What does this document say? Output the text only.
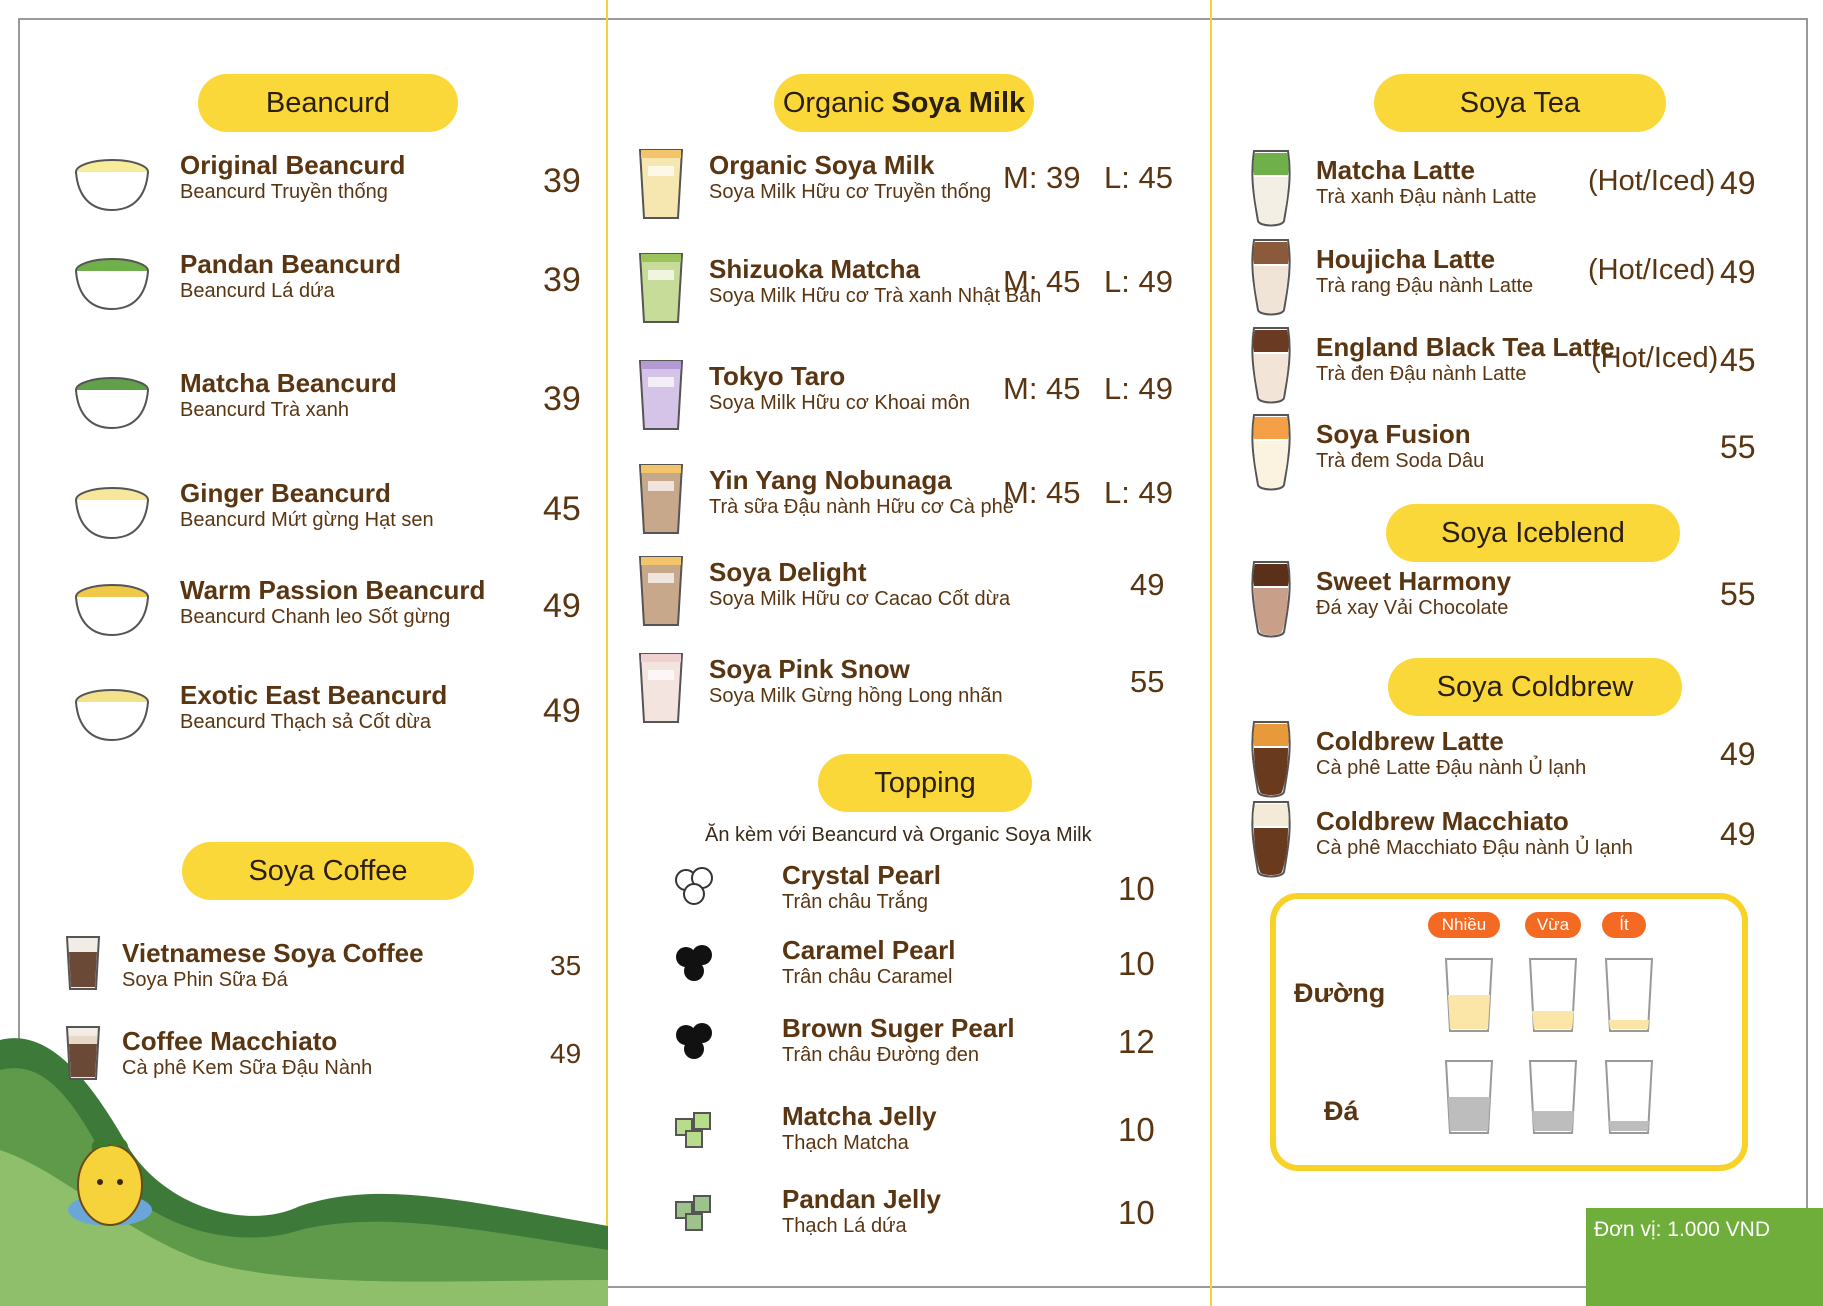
Beancurd
Original Beancurd
Beancurd Truyền thống	39
Pandan Beancurd
Beancurd Lá dứa	39
Matcha Beancurd
Beancurd Trà xanh	39
Ginger Beancurd
Beancurd Mứt gừng Hạt sen	45
Warm Passion Beancurd
Beancurd Chanh leo Sốt gừng	49
Exotic East Beancurd
Beancurd Thạch sả Cốt dừa	49
Soya Coffee
Vietnamese Soya Coffee
Soya Phin Sữa Đá	35
Coffee Macchiato
Cà phê Kem Sữa Đậu Nành	49
Organic Soya Milk
Organic Soya Milk
Soya Milk Hữu cơ Truyền thống M: 39 L: 45
Shizuoka Matcha
Soya Milk Hữu cơ Trà xanh Nhật Bản
M: 45 L: 49
Tokyo Taro
Soya Milk Hữu cơ Khoai môn M: 45 L: 49
Yin Yang Nobunaga
Trà sữa Đậu nành Hữu cơ Cà phê
M: 45 L: 49
Soya Delight
Soya Milk Hữu cơ Cacao Cốt dừa	49
Soya Pink Snow
Soya Milk Gừng hồng Long nhãn	55
Topping
Ăn kèm với Beancurd và Organic Soya Milk
Crystal Pearl
Trân châu Trắng	10
Caramel Pearl
Trân châu Caramel	10
Brown Suger Pearl
Trân châu Đường đen	12
Matcha Jelly
Thạch Matcha	10
Pandan Jelly
Thạch Lá dứa	10
Soya Tea
Matcha Latte
Trà xanh Đậu nành Latte (Hot/Iced) 49
Houjicha Latte
Trà rang Đậu nành Latte (Hot/Iced) 49
England Black Tea Latte
Trà đen Đậu nành Latte	(Hot/Iced) 45
Soya Fusion
Trà đem Soda Dâu	55
Soya Iceblend
Sweet Harmony
Đá xay Vải Chocolate	55
Soya Coldbrew
Coldbrew Latte
Cà phê Latte Đậu nành Ủ lạnh	49
Coldbrew Macchiato
Cà phê Macchiato Đậu nành Ủ lạnh	49
Nhiều	Vừa	Ít
Đường
Đá
Đơn vị: 1.000 VND
